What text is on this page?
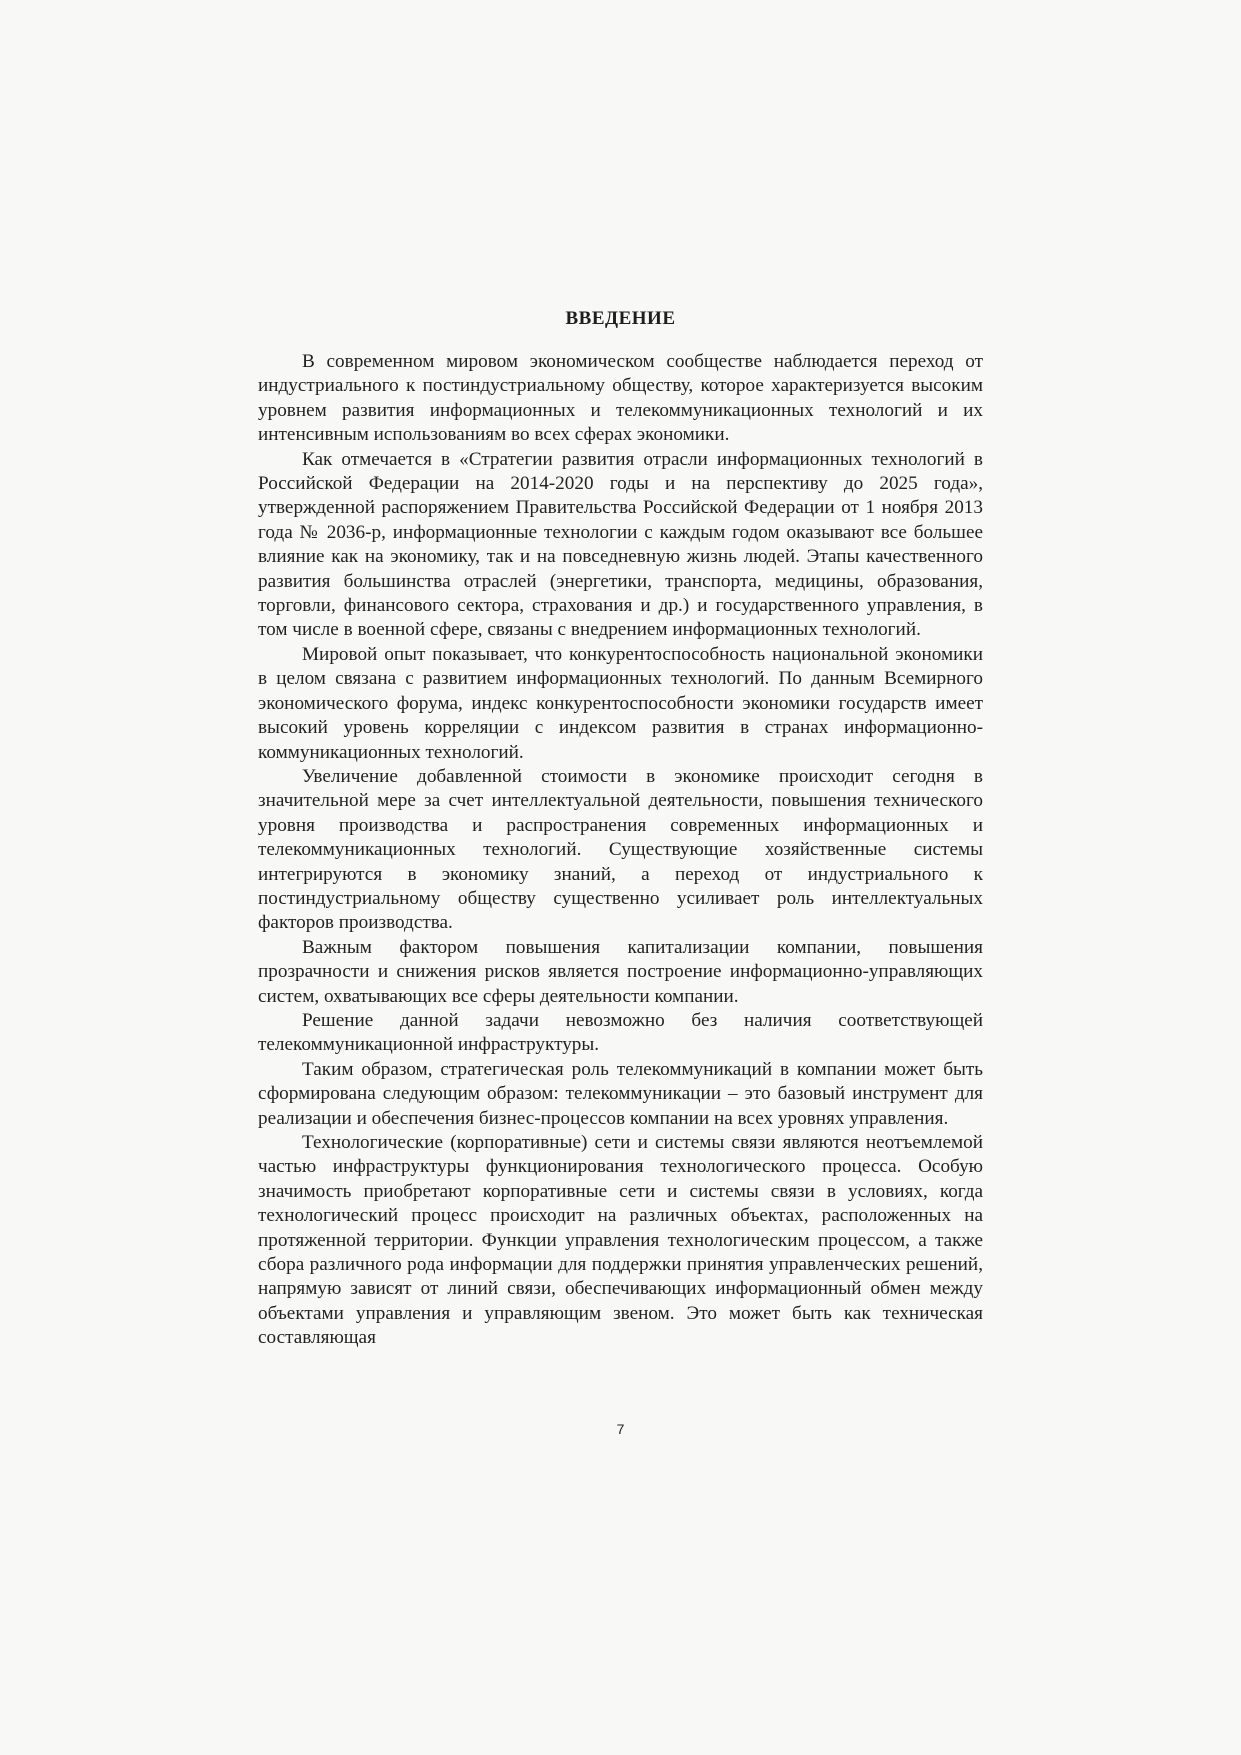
ВВЕДЕНИЕ

В современном мировом экономическом сообществе наблюдается переход от индустриального к постиндустриальному обществу, которое характеризуется высоким уровнем развития информационных и телекоммуникационных технологий и их интенсивным использованиям во всех сферах экономики.

Как отмечается в «Стратегии развития отрасли информационных технологий в Российской Федерации на 2014-2020 годы и на перспективу до 2025 года», утвержденной распоряжением Правительства Российской Федерации от 1 ноября 2013 года № 2036-р, информационные технологии с каждым годом оказывают все большее влияние как на экономику, так и на повседневную жизнь людей. Этапы качественного развития большинства отраслей (энергетики, транспорта, медицины, образования, торговли, финансового сектора, страхования и др.) и государственного управления, в том числе в военной сфере, связаны с внедрением информационных технологий.

Мировой опыт показывает, что конкурентоспособность национальной экономики в целом связана с развитием информационных технологий. По данным Всемирного экономического форума, индекс конкурентоспособности экономики государств имеет высокий уровень корреляции с индексом развития в странах информационно-коммуникационных технологий.

Увеличение добавленной стоимости в экономике происходит сегодня в значительной мере за счет интеллектуальной деятельности, повышения технического уровня производства и распространения современных информационных и телекоммуникационных технологий. Существующие хозяйственные системы интегрируются в экономику знаний, а переход от индустриального к постиндустриальному обществу существенно усиливает роль интеллектуальных факторов производства.

Важным фактором повышения капитализации компании, повышения прозрачности и снижения рисков является построение информационно-управляющих систем, охватывающих все сферы деятельности компании.

Решение данной задачи невозможно без наличия соответствующей телекоммуникационной инфраструктуры.

Таким образом, стратегическая роль телекоммуникаций в компании может быть сформирована следующим образом: телекоммуникации – это базовый инструмент для реализации и обеспечения бизнес-процессов компании на всех уровнях управления.

Технологические (корпоративные) сети и системы связи являются неотъемлемой частью инфраструктуры функционирования технологического процесса. Особую значимость приобретают корпоративные сети и системы связи в условиях, когда технологический процесс происходит на различных объектах, расположенных на протяженной территории. Функции управления технологическим процессом, а также сбора различного рода информации для поддержки принятия управленческих решений, напрямую зависят от линий связи, обеспечивающих информационный обмен между объектами управления и управляющим звеном. Это может быть как техническая составляющая

7
